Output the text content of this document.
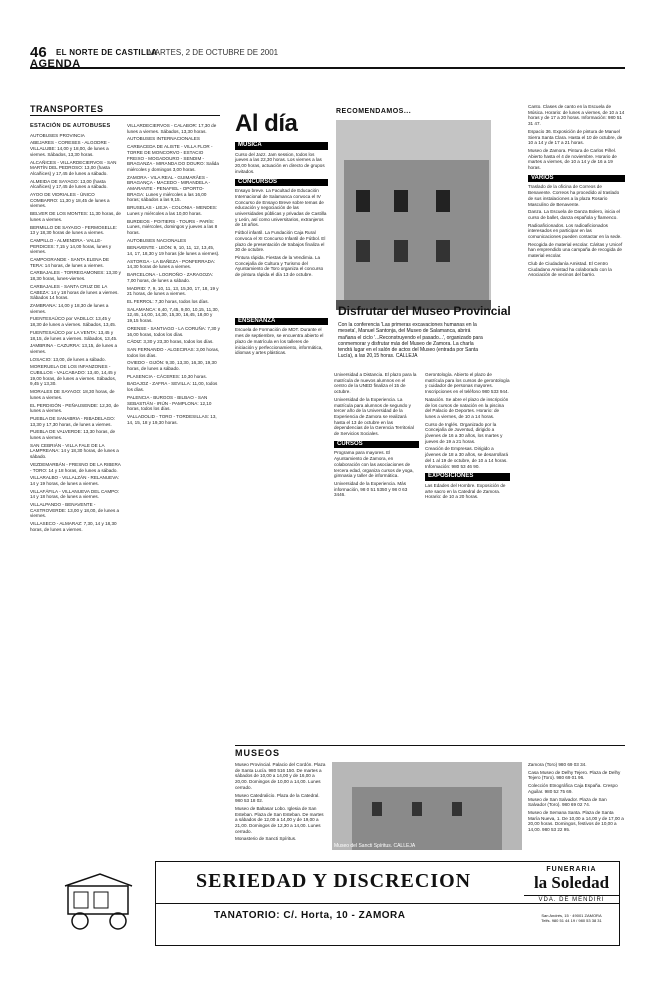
46 EL NORTE DE CASTILLA
MARTES, 2 DE OCTUBRE DE 2001
AGENDA
TRANSPORTES
ESTACIÓN DE AUTOBUSES
AUTOBUSES PROVINCIA
ABEJARES - CORESES - ALGODRE - VILLALUBE: 14,00 y 18,00, de lunes a viernes. Sábados, 13,30 horas.
ALCAÑICES - VILLARDECIERVOS - SAN MARTÍN DEL PEDROSO: 13,00 (hasta Alcañices) y 17,45 de lunes a sábado.
ALMEIDA DE SAYAGO: 13,00 (hasta Alcañices) y 17,45 de lunes a sábado.
AYOO DE VIDRIALES - ÚNICO COMBARRO: 11,30 y 18,45 de lunes a viernes.
BELVER DE LOS MONTES: 11,30 horas, de lunes a viernes.
BERMILLO DE SAYAGO - FERMOSELLE: 13 y 18,30 horas de lunes a viernes.
CAMPILLO - ALMENDRA - VALLE-PERDICES: 7,15 y 14,00 horas, lunes y viernes.
CAMPOGRANDE - SANTA ELENA DE TERA: 14 horas, de lunes a viernes.
CARBAJALES - TORREGAMONES: 13,30 y 18,30 horas, lunes-viernes.
CARBAJALES - SANTA CRUZ DE LA CABEZA: 14 y 18 horas de lunes a viernes. Sábados 14 horas.
ZAMBRANA: 14,00 y 18,30 de lunes a viernes.
FUENTESAÚCO por VADILLO: 13,45 y 18,30 de lunes a viernes. Sábados, 13,45.
FUENTESAÚCO por LA VENTA: 13,45 y 18,15, de lunes a viernes. Sábados, 13,45.
JAMBRINA - CAZURRA: 13,15, de lunes a viernes.
LOSACIO: 13,00, de lunes a sábado.
MORERUELA DE LOS INFANZONES - CUBILLOS - VALCABADO: 13,40, 14,45 y 19,00 horas, de lunes a viernes. Sábados, 9,45 y 13,30.
MORALES DE SAYAGO: 18,30 horas, de lunes a viernes.
EL PERDIGÓN - PEÑAUSENDE: 12,30, de lunes a viernes.
PUEBLA DE SANABRIA - RIBADELAGO: 13,30 y 17,30 horas, de lunes a viernes.
PUEBLA DE VALVERDE: 13,30 horas, de lunes a viernes.
SAN CEBRIÁN - VILLA FALE DE LA LAMPREANA: 14 y 18,30 horas, de lunes a sábado.
VEZDEMARBÁN - FRESNO DE LA RIBERA - TORO: 14 y 18 horas, de lunes a sábado.
VILLARALBO - VILLALZÁN - RELANUEVA: 14 y 19 horas, de lunes a viernes.
VILLAFÁFILA - VILLANUEVA DEL CAMPO: 14 y 18 horas, de lunes a viernes.
VILLALPANDO - BENAVENTE - CASTROVERDE: 13,00 y 18,00, de lunes a viernes.
VILLASECO - ALMARAZ: 7,30, 14 y 18,30 horas, de lunes a viernes.
VILLARDECIERVOS - CALABOR: 17,30 de lunes a viernes. Sábados, 13,30 horas.
AUTOBUSES INTERNACIONALES
CARBACEDA DE ALISTE - VILLA FLOR - TORRE DE MONCORVO - ESTACIO FREIXO - MOGADOURO - SENDIM - BRAGANZA - MIRANDA DO DOURO: Salida miércoles y domingos 3,00 horas.
ZAMORA - VILA REAL - GUIMARÃES - BRAGANÇA - MACEDO - MIRANDELA - AMARANTE - PENAFIEL - OPORTO-BRAGA: Lunes y miércoles a las 16,00 horas; sábados a las 9,15.
BRUSELAS - LIEJA - COLONIA - MENDES: Lunes y miércoles a las 10,00 horas.
BURDEOS - POITIERS - TOURS - PARÍS: Lunes, miércoles, domingos y jueves a las 8 horas.
AUTOBUSES NACIONALES
BENAVENTE - LEÓN: 9, 10, 11, 12, 13,45, 14, 17, 18,30 y 19 horas (de lunes a viernes).
ASTORGA - LA BAÑEZA - PONFERRADA: 14,30 horas de lunes a viernes.
BARCELONA - LOGROÑO - ZARAGOZA: 7,00 horas, de lunes a sábado.
MADRID: 7, 9, 10, 11, 13, 15,30, 17, 18, 19 y 21 horas, de lunes a viernes.
EL FERROL: 7,30 horas, todos los días.
SALAMANCA: 6,40, 7,45, 9,00, 10,15, 11,30, 12,45, 14,00, 14,30, 15,30, 16,45, 18,00 y 19,15 horas.
ORENSE - SANTIAGO - LA CORUÑA: 7,30 y 16,00 horas, todos los días.
CÁDIZ: 3,30 y 23,30 horas, todos los días.
SAN FERNANDO - ALGECIRAS: 3,00 horas, todos los días.
OVIEDO - GIJÓN: 9,30, 13,30, 16,30, 19,30 horas, de lunes a sábado.
PLASENCIA - CÁCERES: 10,30 horas.
BADAJOZ - ZAFRA - SEVILLA: 11,00, todos los días.
PALENCIA - BURGOS - BILBAO - SAN SEBASTIÁN - IRÚN - PAMPLONA: 12,10 horas, todos los días.
VALLADOLID - TORO - TORDESILLAS: 13, 14, 15, 18 y 19,30 horas.
Al día
MÚSICA
Curso del Jazz. Jam session, todos los jueves a las 22,30 horas. Los viernes a las 20,00 horas, actuación en directo de grupos invitados.
CONCURSOS
Ensayo breve. La Facultad de Educación Internacional de Salamanca convoca el IV Concurso de Ensayo Breve sobre temas de educación y negociación de las universidades públicas y privadas de Castilla y León, así como universitarios, extranjeros de 18 años.
Fútbol infantil. La Fundación Caja Rural convoca el XI Concurso Infantil de Fútbol. El plazo de presentación de trabajos finaliza el 30 de octubre.
Pintura rápida. Fiestas de la Vendimia. La Concejalía de Cultura y Turismo del Ayuntamiento de Toro organiza el concurso de pintura rápida el día 13 de octubre.
ENSEÑANZA
Escuela de Formación de MDT. Durante el mes de septiembre, se encuentra abierto el plazo de matrícula en los talleres de iniciación y perfeccionamiento, informática, idiomas y artes plásticas.
RECOMENDAMOS...
Disfrutar del Museo Provincial
Con la conferencia 'Las primeras excavaciones humanas en la meseta', Manuel Santonja, del Museo de Salamanca, abrirá mañana el ciclo '...Reconstruyendo el pasado...', organizado para conmemorar y disfrutar más del Museo de Zamora. La charla tendrá lugar en el salón de actos del Museo (entrada por Santa Lucía), a las 20,15 horas. CALLEJA
Universidad a Distancia. El plazo para la matrícula de nuevos alumnos en el centro de la UNED finaliza el 15 de octubre.
Universidad de la Experiencia. La matrícula para alumnos de segundo y tercer año de la Universidad de la Experiencia de Zamora se realizará hasta el 13 de octubre en las dependencias de la Gerencia Territorial de Servicios Sociales.
CURSOS
Programa para mayores. El Ayuntamiento de Zamora, en colaboración con las asociaciones de tercera edad, organiza cursos de yoga, gimnasia y taller de informática.
Universidad de la Experiencia. Más información, 98 0 51 5350 y 98 0 63 3446.
Gerontología. Abierto el plazo de matrícula para los cursos de gerontología y cuidador de personas mayores. Inscripciones en el teléfono 980 533 944.
Natación. Se abre el plazo de inscripción de los cursos de natación en la piscina del Palacio de Deportes. Horario: de lunes a viernes, de 10 a 14 horas.
Curso de Inglés. Organizado por la Concejalía de Juventud, dirigido a jóvenes de 16 a 30 años, los martes y jueves de 19 a 21 horas.
Creación de Empresas. Dirigido a jóvenes de 18 a 30 años, se desarrollará del 1 al 19 de octubre, de 10 a 14 horas. Información: 980 53 46 90.
EXPOSICIONES
Las Edades del Hombre. Exposición de arte sacro en la Catedral de Zamora. Horario: de 10 a 20 horas.
Canto. Clases de canto en la Escuela de Música. Horario: de lunes a viernes, de 10 a 14 horas y de 17 a 20 horas. Información: 980 51 31 47.
Espacio 36. Exposición de pintura de Manuel Sierra Santa Clara. Hasta el 10 de octubre, de 10 a 14 y de 17 a 21 horas.
Museo de Zamora. Pintura de Carlos Piñel. Abierto hasta el 4 de noviembre. Horario de martes a viernes, de 10 a 14 y de 16 a 19 horas.
VARIOS
Traslado de la oficina de Correos de Benavente. Correos ha procedido al traslado de sus instalaciones a la plaza Rosario Masculino de Benavente.
Danza. La Escuela de Danza Bolero, inicia el curso de ballet, danza española y flamenco.
Radioaficionados. Los radioaficionados interesados en participar en las comunicaciones pueden contactar en la sede.
Recogida de material escolar. Cáritas y Unicef han emprendido una campaña de recogida de material escolar.
Club de Ciudadanía Amistad. El Centro Ciudadano Amistad ha colaborado con la Asociación de vecinos del barrio.
MUSEOS
Museo Provincial. Palacio del Cordón. Plaza de Santa Lucía. 980 516 150. De martes a sábados de 10,00 a 14,00 y de 16,00 a 20,00. Domingos de 10,00 a 14,00. Lunes cerrado.
Museo Catedralicio. Plaza de la Catedral. 980 53 18 02.
Museo de Baltasar Lobo. Iglesia de San Esteban. Plaza de San Esteban. De martes a sábados de 12,00 a 14,00 y de 19,00 a 21,00. Domingos de 12,30 a 14,00. Lunes cerrado.
Monasterio de Sancti Spíritus.
Museo del Sancti Spíritus. CALLEJA
Zamora (Toro) 980 69 03 34.
Casa Museo de Delhy Tejero. Plaza de Delhy Tejero (Toro). 980 69 01 96.
Colección Etnográfica Caja España. Crespo Aguilar. 980 52 75 69.
Museo de San Salvador. Plaza de San Salvador (Toro). 980 69 02 74.
Museo de Semana Santa. Plaza de Santa María Nueva, 1. De 10,00 a 14,00 y de 17,00 a 20,00 horas. Domingos, festivos de 10,00 a 14,00. 980 53 22 95.
SERIEDAD Y DISCRECION
TANATORIO: C/. Horta, 10 - ZAMORA
FUNERARIA
la Soledad
VDA. DE MENDIRI
San Andrés, 15 · 49001 ZAMORA
Telfs. 980 51 44 19 / 980 53 38 31
